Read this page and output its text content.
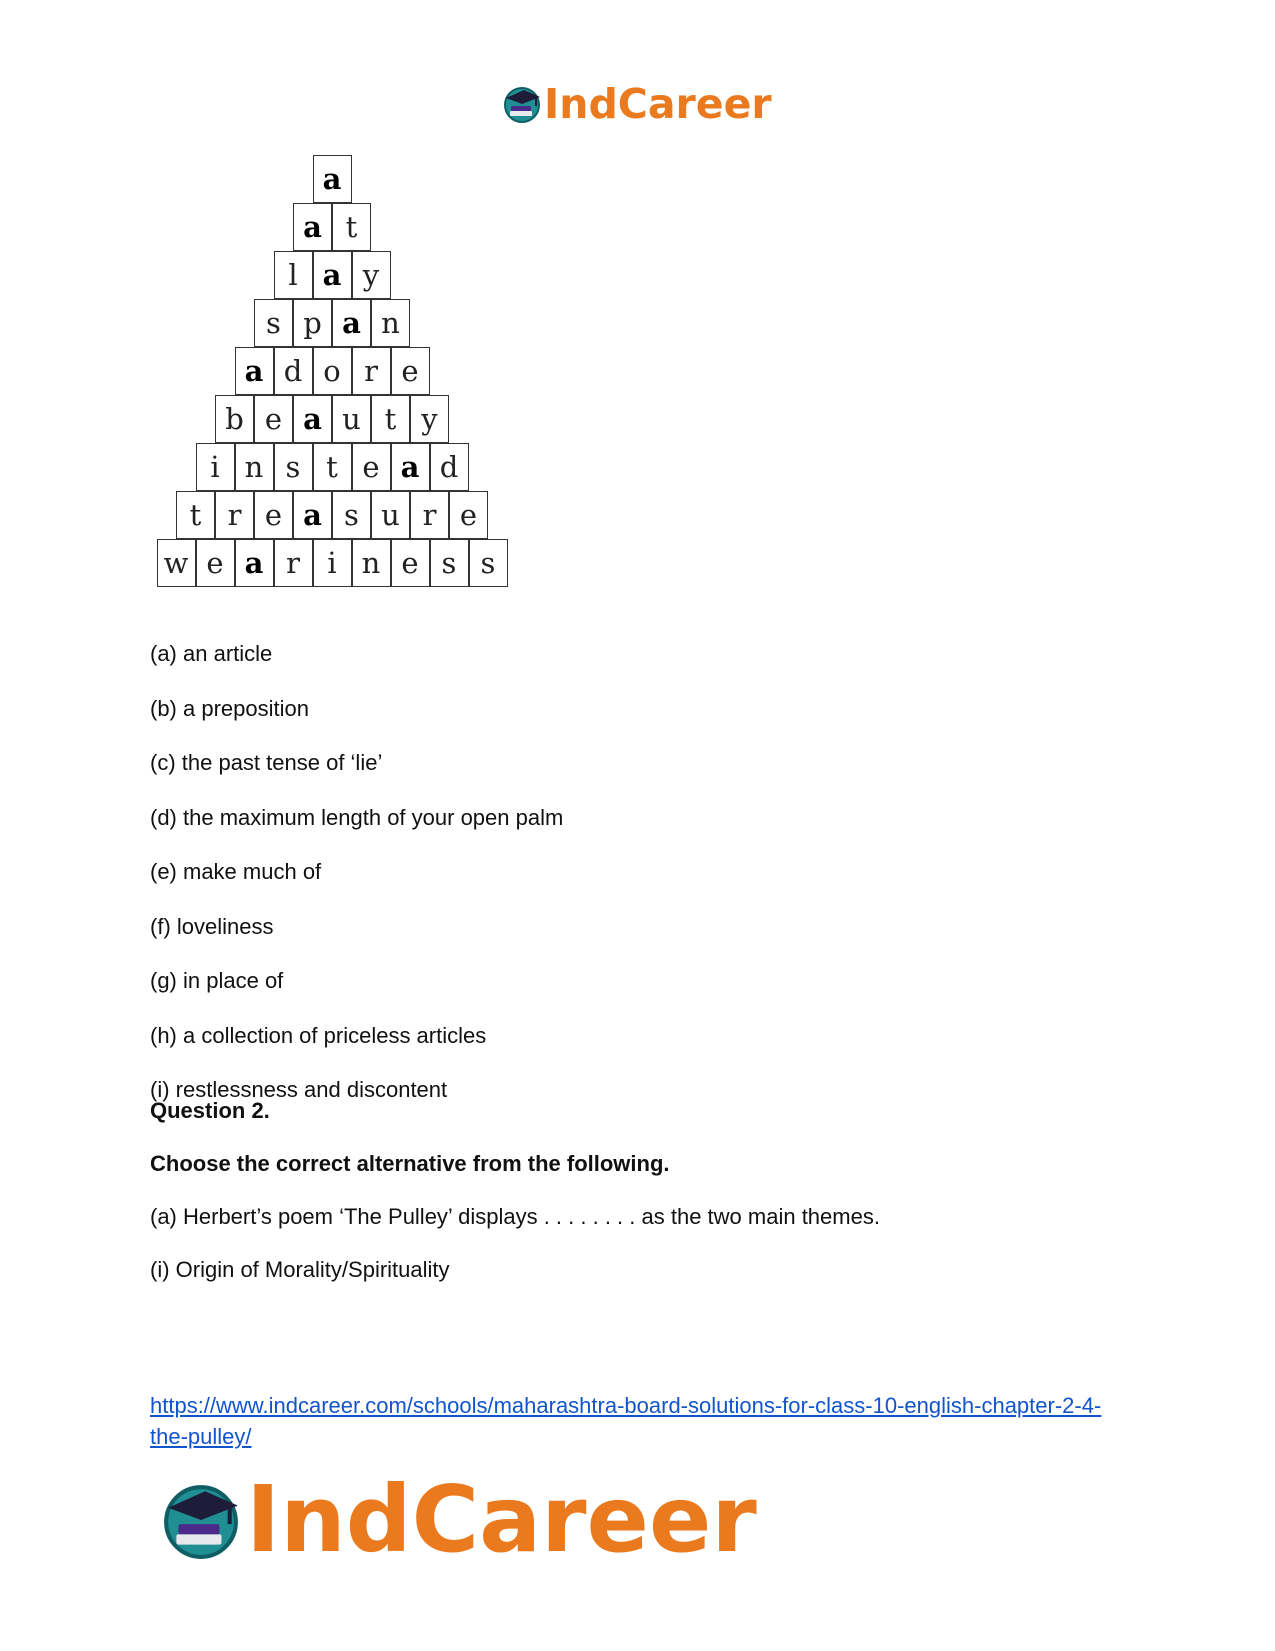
IndCareer
a
a t
l a y
s p a n
a d o r e
b e a u t y
i n s t e a d
t r e a s u r e
w e a r i n e s s
(a) an article
(b) a preposition
(c) the past tense of ‘lie’
(d) the maximum length of your open palm
(e) make much of
(f) loveliness
(g) in place of
(h) a collection of priceless articles
(i) restlessness and discontent
Question 2.
Choose the correct alternative from the following.
(a) Herbert’s poem ‘The Pulley’ displays . . . . . . . . as the two main themes.
(i) Origin of Morality/Spirituality
https://www.indcareer.com/schools/maharashtra-board-solutions-for-class-10-english-chapter-2-4-the-pulley/
IndCareer
